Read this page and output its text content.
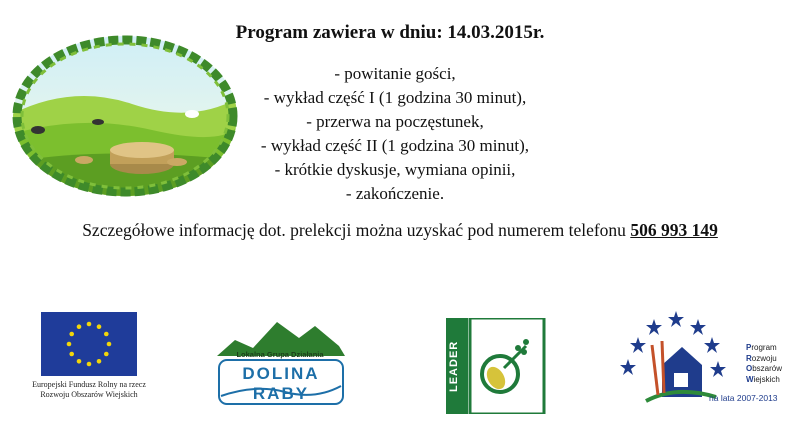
Program zawiera w dniu: 14.03.2015r.
- powitanie gości,
- wykład część I (1 godzina 30 minut),
- przerwa na poczęstunek,
- wykład część II (1 godzina 30 minut),
- krótkie dyskusje, wymiana opinii,
- zakończenie.
Szczegółowe informację dot. prelekcji można uzyskać pod numerem telefonu 506 993 149
Europejski Fundusz Rolny na rzecz
Rozwoju Obszarów Wiejskich
Lokalna Grupa Działania
DOLINA RABY
LEADER	Program
Rozwoju
Obszarów
Wiejskich
na lata 2007-2013
